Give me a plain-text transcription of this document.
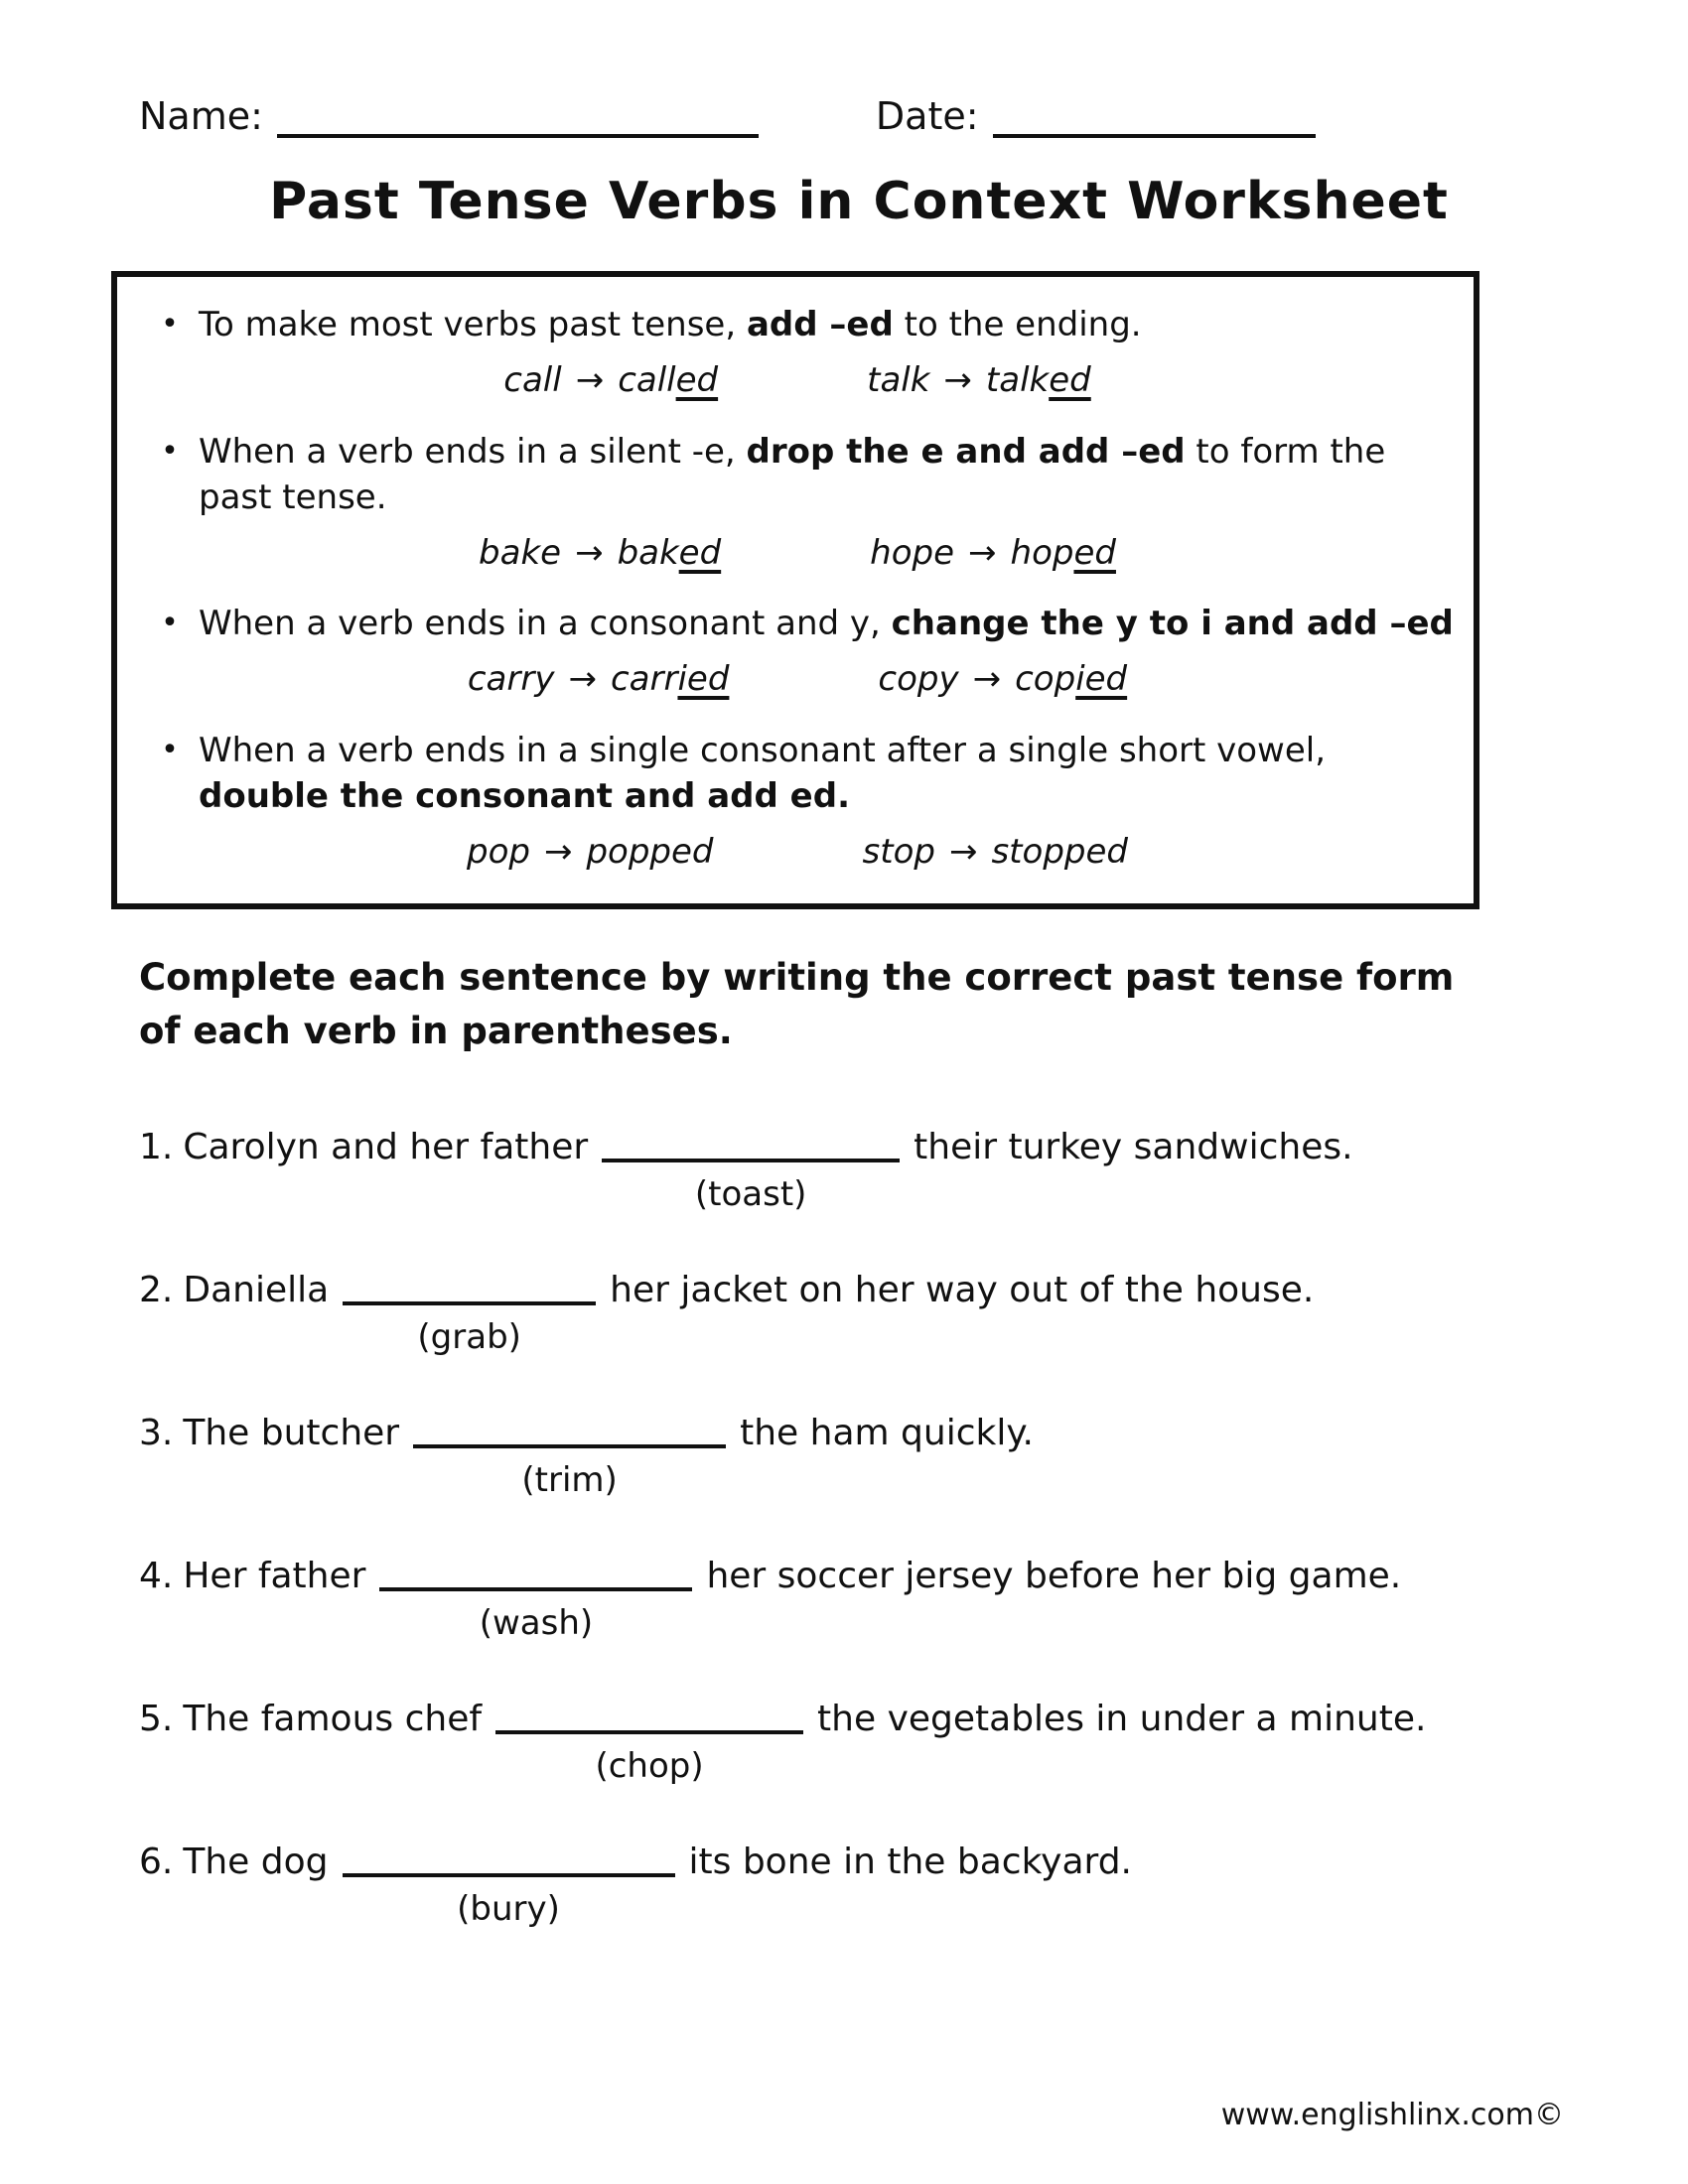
Name:	Date:
Past Tense Verbs in Context Worksheet
• To make most verbs past tense, add –ed to the ending.

call → called	talk → talked
• When a verb ends in a silent -e, drop the e and add –ed to form the past tense.

bake → baked	hope → hoped
• When a verb ends in a consonant and y, change the y to i and add –ed

carry → carried	copy → copied
• When a verb ends in a single consonant after a single short vowel, double the consonant and add ed.

pop → popped	stop → stopped

Complete each sentence by writing the correct past tense form of each verb in parentheses.

1. Carolyn and her father
(toast)
their turkey sandwiches.
2. Daniella
(grab)
her jacket on her way out of the house.
3. The butcher
(trim)
the ham quickly.
4. Her father
(wash)
her soccer jersey before her big game.
5. The famous chef
(chop)
the vegetables in under a minute.
6. The dog
(bury)
its bone in the backyard.
www.englishlinx.com©
